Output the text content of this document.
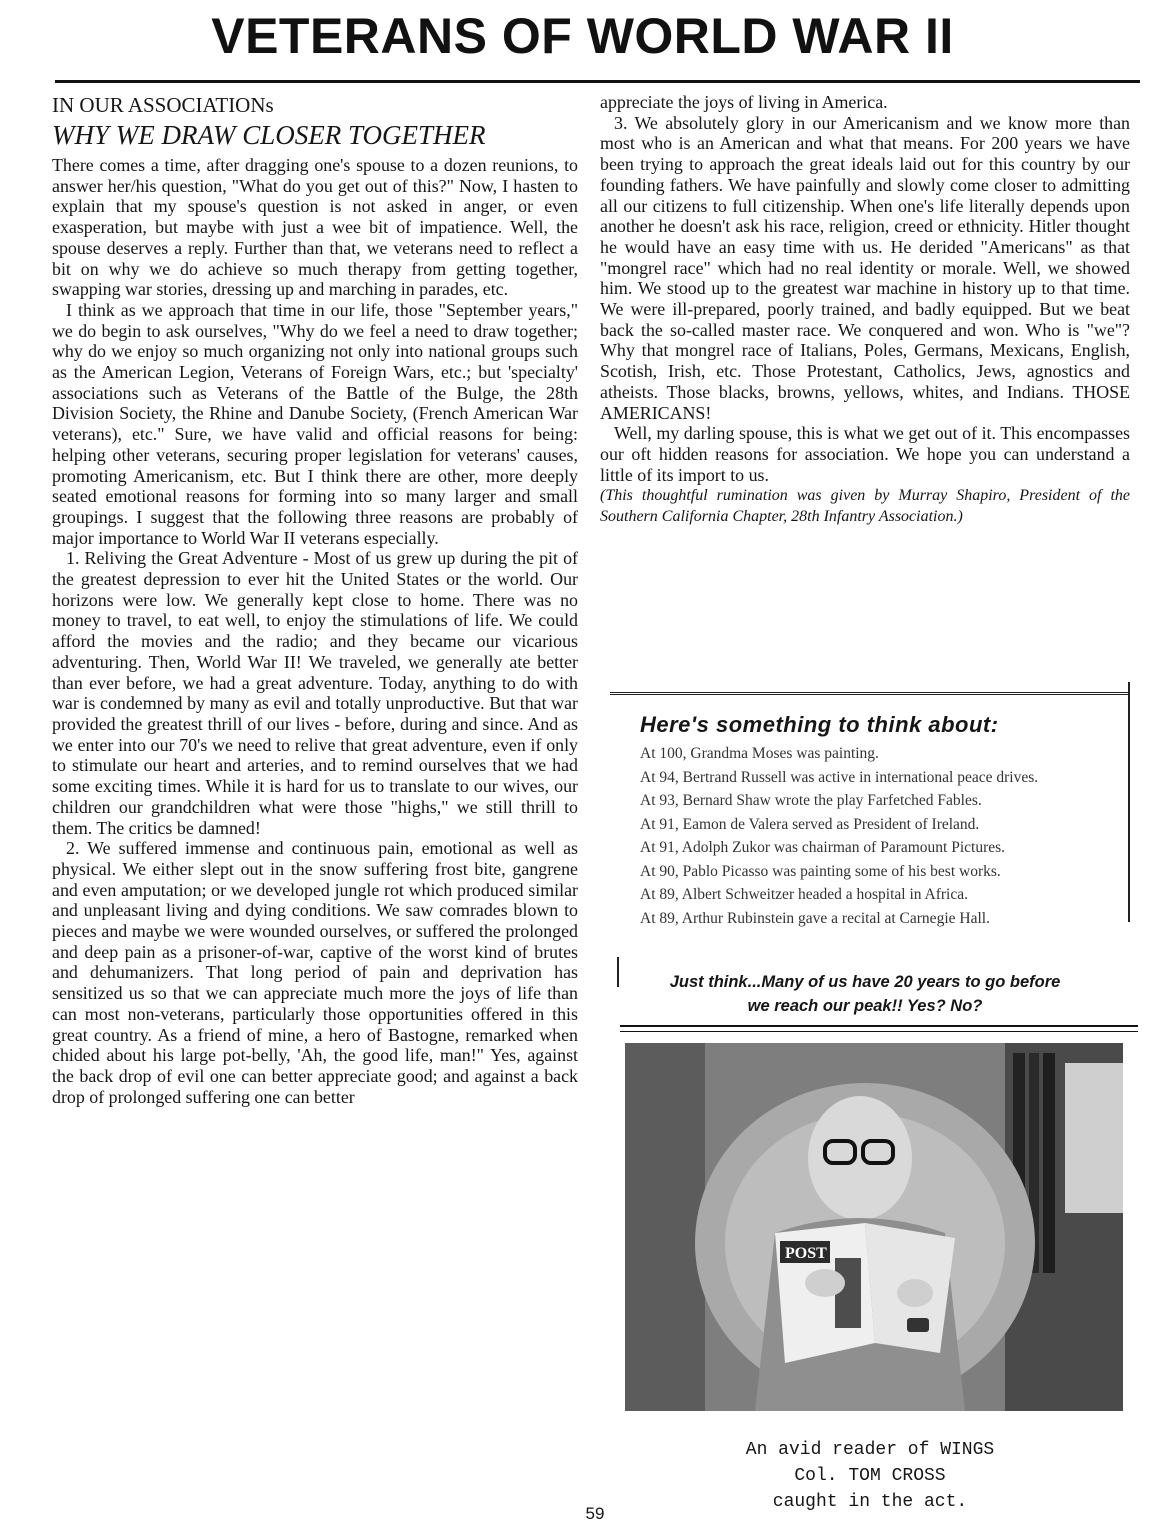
VETERANS OF WORLD WAR II

IN OUR ASSOCIATIONs

WHY WE DRAW CLOSER TOGETHER

There comes a time, after dragging one's spouse to a dozen reunions, to answer her/his question, "What do you get out of this?" Now, I hasten to explain that my spouse's question is not asked in anger, or even exasperation, but maybe with just a wee bit of impatience. Well, the spouse deserves a reply. Further than that, we veterans need to reflect a bit on why we do achieve so much therapy from getting together, swapping war stories, dressing up and marching in parades, etc.

I think as we approach that time in our life, those "September years," we do begin to ask ourselves, "Why do we feel a need to draw together; why do we enjoy so much organizing not only into national groups such as the American Legion, Veterans of Foreign Wars, etc.; but 'specialty' associations such as Veterans of the Battle of the Bulge, the 28th Division Society, the Rhine and Danube Society, (French American War veterans), etc." Sure, we have valid and official reasons for being: helping other veterans, securing proper legislation for veterans' causes, promoting Americanism, etc. But I think there are other, more deeply seated emotional reasons for forming into so many larger and small groupings. I suggest that the following three reasons are probably of major importance to World War II veterans especially.

1. Reliving the Great Adventure - Most of us grew up during the pit of the greatest depression to ever hit the United States or the world. Our horizons were low. We generally kept close to home. There was no money to travel, to eat well, to enjoy the stimulations of life. We could afford the movies and the radio; and they became our vicarious adventuring. Then, World War II! We traveled, we generally ate better than ever before, we had a great adventure. Today, anything to do with war is condemned by many as evil and totally unproductive. But that war provided the greatest thrill of our lives - before, during and since. And as we enter into our 70's we need to relive that great adventure, even if only to stimulate our heart and arteries, and to remind ourselves that we had some exciting times. While it is hard for us to translate to our wives, our children our grandchildren what were those "highs," we still thrill to them. The critics be damned!

2. We suffered immense and continuous pain, emotional as well as physical. We either slept out in the snow suffering frost bite, gangrene and even amputation; or we developed jungle rot which produced similar and unpleasant living and dying conditions. We saw comrades blown to pieces and maybe we were wounded ourselves, or suffered the prolonged and deep pain as a prisoner-of-war, captive of the worst kind of brutes and dehumanizers. That long period of pain and deprivation has sensitized us so that we can appreciate much more the joys of life than can most non-veterans, particularly those opportunities offered in this great country. As a friend of mine, a hero of Bastogne, remarked when chided about his large pot-belly, 'Ah, the good life, man!" Yes, against the back drop of evil one can better appreciate good; and against a back drop of prolonged suffering one can better

appreciate the joys of living in America.

3. We absolutely glory in our Americanism and we know more than most who is an American and what that means. For 200 years we have been trying to approach the great ideals laid out for this country by our founding fathers. We have painfully and slowly come closer to admitting all our citizens to full citizenship. When one's life literally depends upon another he doesn't ask his race, religion, creed or ethnicity. Hitler thought he would have an easy time with us. He derided "Americans" as that "mongrel race" which had no real identity or morale. Well, we showed him. We stood up to the greatest war machine in history up to that time. We were ill-prepared, poorly trained, and badly equipped. But we beat back the so-called master race. We conquered and won. Who is "we"? Why that mongrel race of Italians, Poles, Germans, Mexicans, English, Scotish, Irish, etc. Those Protestant, Catholics, Jews, agnostics and atheists. Those blacks, browns, yellows, whites, and Indians. THOSE AMERICANS!

Well, my darling spouse, this is what we get out of it. This encompasses our oft hidden reasons for association. We hope you can understand a little of its import to us.

(This thoughtful rumination was given by Murray Shapiro, President of the Southern California Chapter, 28th Infantry Association.)

Here's something to think about:
At 100, Grandma Moses was painting.
At 94, Bertrand Russell was active in international peace drives.
At 93, Bernard Shaw wrote the play Farfetched Fables.
At 91, Eamon de Valera served as President of Ireland.
At 91, Adolph Zukor was chairman of Paramount Pictures.
At 90, Pablo Picasso was painting some of his best works.
At 89, Albert Schweitzer headed a hospital in Africa.
At 89, Arthur Rubinstein gave a recital at Carnegie Hall.

Just think...Many of us have 20 years to go before
we reach our peak!! Yes? No?

POST

An avid reader of WINGS
Col. TOM CROSS
caught in the act.

59
